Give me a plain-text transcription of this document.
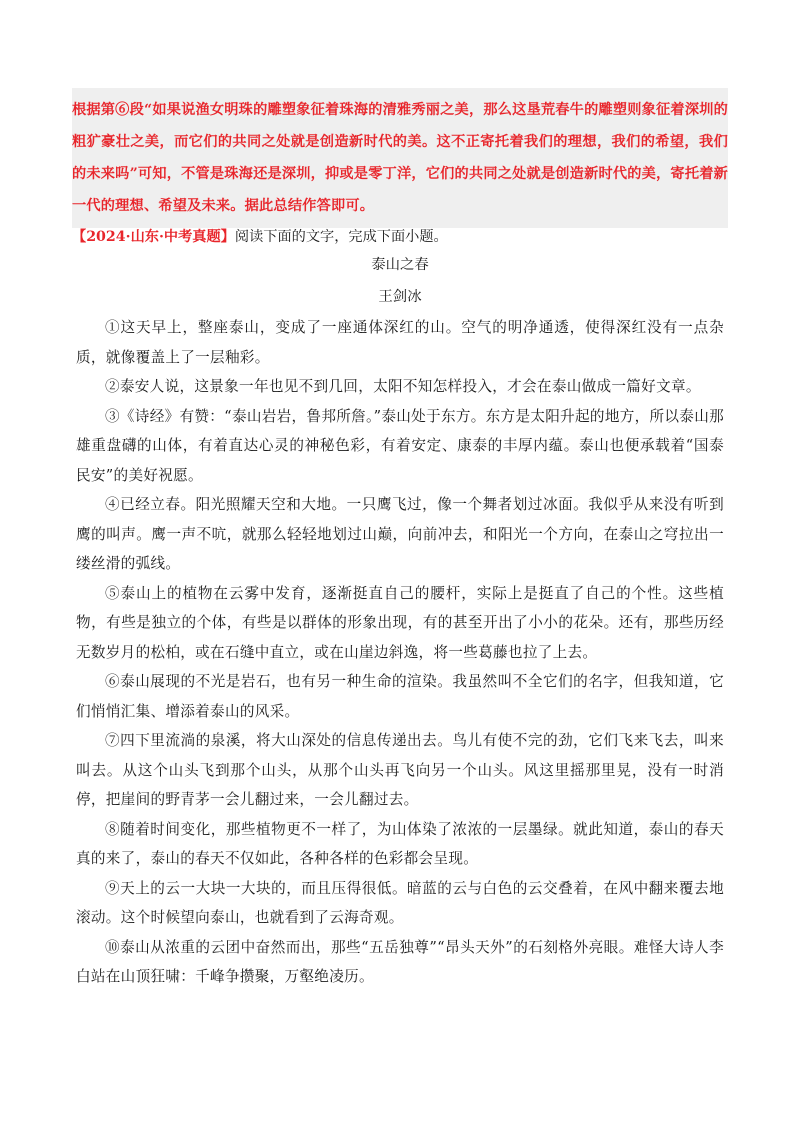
根据第⑥段“如果说渔女明珠的雕塑象征着珠海的清雅秀丽之美，那么这垦荒春牛的雕塑则象征着深圳的粗犷豪壮之美，而它们的共同之处就是创造新时代的美。这不正寄托着我们的理想，我们的希望，我们的未来吗”可知，不管是珠海还是深圳，抑或是零丁洋，它们的共同之处就是创造新时代的美，寄托着新一代的理想、希望及未来。据此总结作答即可。

【2024·山东·中考真题】阅读下面的文字，完成下面小题。
泰山之春
王剑冰

①这天早上，整座泰山，变成了一座通体深红的山。空气的明净通透，使得深红没有一点杂质，就像覆盖上了一层釉彩。

②泰安人说，这景象一年也见不到几回，太阳不知怎样投入，才会在泰山做成一篇好文章。

③《诗经》有赞：“泰山岩岩，鲁邦所詹。”泰山处于东方。东方是太阳升起的地方，所以泰山那雄重盘礴的山体，有着直达心灵的神秘色彩，有着安定、康泰的丰厚内蕴。泰山也便承载着“国泰民安”的美好祝愿。

④已经立春。阳光照耀天空和大地。一只鹰飞过，像一个舞者划过冰面。我似乎从来没有听到鹰的叫声。鹰一声不吭，就那么轻轻地划过山巅，向前冲去，和阳光一个方向，在泰山之穹拉出一缕丝滑的弧线。

⑤泰山上的植物在云雾中发育，逐渐挺直自己的腰杆，实际上是挺直了自己的个性。这些植物，有些是独立的个体，有些是以群体的形象出现，有的甚至开出了小小的花朵。还有，那些历经无数岁月的松柏，或在石缝中直立，或在山崖边斜逸，将一些葛藤也拉了上去。

⑥泰山展现的不光是岩石，也有另一种生命的渲染。我虽然叫不全它们的名字，但我知道，它们悄悄汇集、增添着泰山的风采。

⑦四下里流淌的泉溪，将大山深处的信息传递出去。鸟儿有使不完的劲，它们飞来飞去，叫来叫去。从这个山头飞到那个山头，从那个山头再飞向另一个山头。风这里摇那里晃，没有一时消停，把崖间的野青茅一会儿翻过来，一会儿翻过去。

⑧随着时间变化，那些植物更不一样了，为山体染了浓浓的一层墨绿。就此知道，泰山的春天真的来了，泰山的春天不仅如此，各种各样的色彩都会呈现。

⑨天上的云一大块一大块的，而且压得很低。暗蓝的云与白色的云交叠着，在风中翻来覆去地滚动。这个时候望向泰山，也就看到了云海奇观。

⑩泰山从浓重的云团中奋然而出，那些“五岳独尊”“昂头天外”的石刻格外亮眼。难怪大诗人李白站在山顶狂啸：千峰争攒聚，万壑绝凌历。
